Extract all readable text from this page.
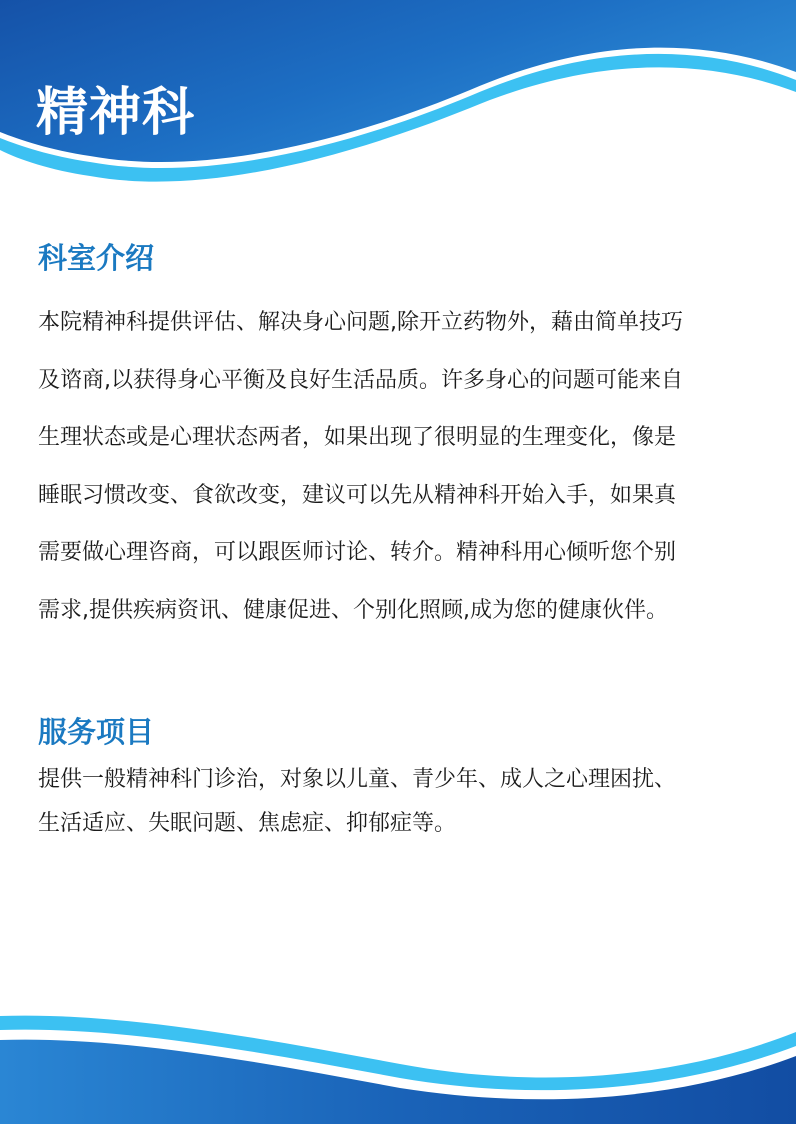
精神科
科室介绍

本院精神科提供评估、解决身心问题,除开立药物外，藉由简单技巧
及谘商,以获得身心平衡及良好生活品质。许多身心的问题可能来自
生理状态或是心理状态两者，如果出现了很明显的生理变化，像是
睡眠习惯改变、食欲改变，建议可以先从精神科开始入手，如果真
需要做心理咨商，可以跟医师讨论、转介。精神科用心倾听您个别
需求,提供疾病资讯、健康促进、个别化照顾,成为您的健康伙伴。

服务项目

提供一般精神科门诊治，对象以儿童、青少年、成人之心理困扰、
生活适应、失眠问题、焦虑症、抑郁症等。
